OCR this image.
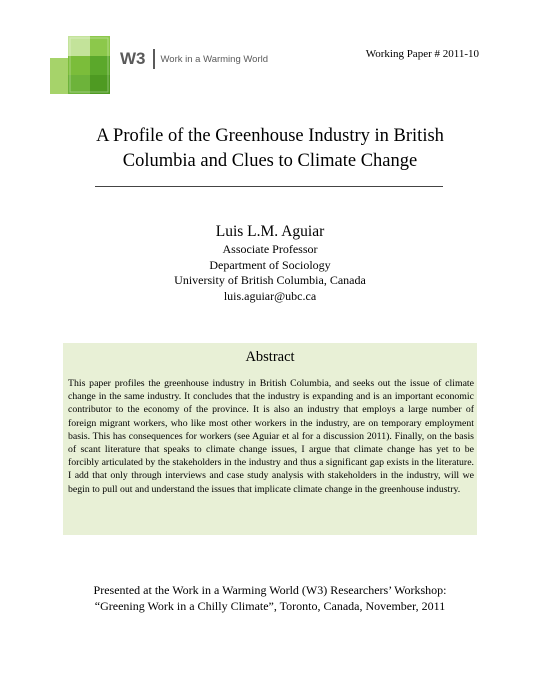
W3 Work in a Warming World	Working Paper # 2011-10
A Profile of the Greenhouse Industry in British
Columbia and Clues to Climate Change
Luis L.M. Aguiar
Associate Professor
Department of Sociology
University of British Columbia, Canada
luis.aguiar@ubc.ca
Abstract
This paper profiles the greenhouse industry in British Columbia, and seeks out the issue of climate change in the same industry. It concludes that the industry is expanding and is an important economic contributor to the economy of the province. It is also an industry that employs a large number of foreign migrant workers, who like most other workers in the industry, are on temporary employment basis. This has consequences for workers (see Aguiar et al for a discussion 2011). Finally, on the basis of scant literature that speaks to climate change issues, I argue that climate change has yet to be forcibly articulated by the stakeholders in the industry and thus a significant gap exists in the literature. I add that only through interviews and case study analysis with stakeholders in the industry, will we begin to pull out and understand the issues that implicate climate change in the greenhouse industry.
Presented at the Work in a Warming World (W3) Researchers’ Workshop:
“Greening Work in a Chilly Climate”, Toronto, Canada, November, 2011
